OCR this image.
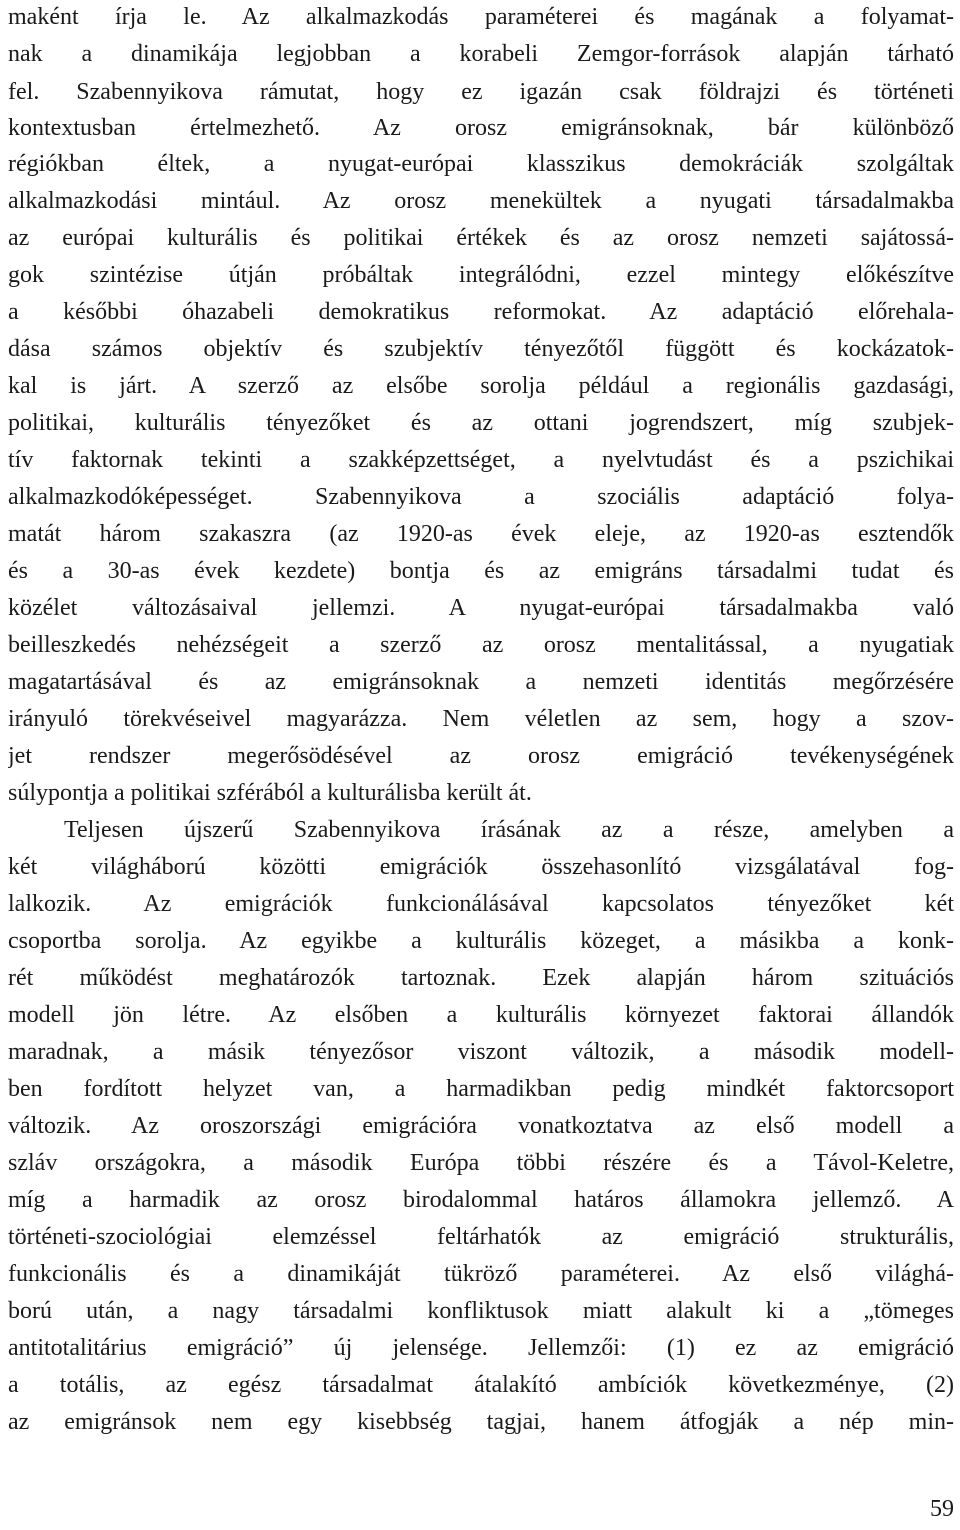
maként írja le. Az alkalmazkodás paraméterei és magának a folyamat-
nak a dinamikája legjobban a korabeli Zemgor-források alapján tárható
fel. Szabennyikova rámutat, hogy ez igazán csak földrajzi és történeti
kontextusban értelmezhető. Az orosz emigránsoknak, bár különböző
régiókban éltek, a nyugat-európai klasszikus demokráciák szolgáltak
alkalmazkodási mintául. Az orosz menekültek a nyugati társadalmakba
az európai kulturális és politikai értékek és az orosz nemzeti sajátossá-
gok szintézise útján próbáltak integrálódni, ezzel mintegy előkészítve
a későbbi óhazabeli demokratikus reformokat. Az adaptáció előrehala-
dása számos objektív és szubjektív tényezőtől függött és kockázatok-
kal is járt. A szerző az elsőbe sorolja például a regionális gazdasági,
politikai, kulturális tényezőket és az ottani jogrendszert, míg szubjek-
tív faktornak tekinti a szakképzettséget, a nyelvtudást és a pszichikai
alkalmazkodóképességet. Szabennyikova a szociális adaptáció folya-
matát három szakaszra (az 1920-as évek eleje, az 1920-as esztendők
és a 30-as évek kezdete) bontja és az emigráns társadalmi tudat és
közélet változásaival jellemzi. A nyugat-európai társadalmakba való
beilleszkedés nehézségeit a szerző az orosz mentalitással, a nyugatiak
magatartásával és az emigránsoknak a nemzeti identitás megőrzésére
irányuló törekvéseivel magyarázza. Nem véletlen az sem, hogy a szov-
jet rendszer megerősödésével az orosz emigráció tevékenységének
súlypontja a politikai szférából a kulturálisba került át.
Teljesen újszerű Szabennyikova írásának az a része, amelyben a
két világháború közötti emigrációk összehasonlító vizsgálatával fog-
lalkozik. Az emigrációk funkcionálásával kapcsolatos tényezőket két
csoportba sorolja. Az egyikbe a kulturális közeget, a másikba a konk-
rét működést meghatározók tartoznak. Ezek alapján három szituációs
modell jön létre. Az elsőben a kulturális környezet faktorai állandók
maradnak, a másik tényezősor viszont változik, a második modell-
ben fordított helyzet van, a harmadikban pedig mindkét faktorcsoport
változik. Az oroszországi emigrációra vonatkoztatva az első modell a
szláv országokra, a második Európa többi részére és a Távol-Keletre,
míg a harmadik az orosz birodalommal határos államokra jellemző. A
történeti-szociológiai elemzéssel feltárhatók az emigráció strukturális,
funkcionális és a dinamikáját tükröző paraméterei. Az első világhá-
ború után, a nagy társadalmi konfliktusok miatt alakult ki a „tömeges
antitotalitárius emigráció” új jelensége. Jellemzői: (1) ez az emigráció
a totális, az egész társadalmat átalakító ambíciók következménye, (2)
az emigránsok nem egy kisebbség tagjai, hanem átfogják a nép min-
59
